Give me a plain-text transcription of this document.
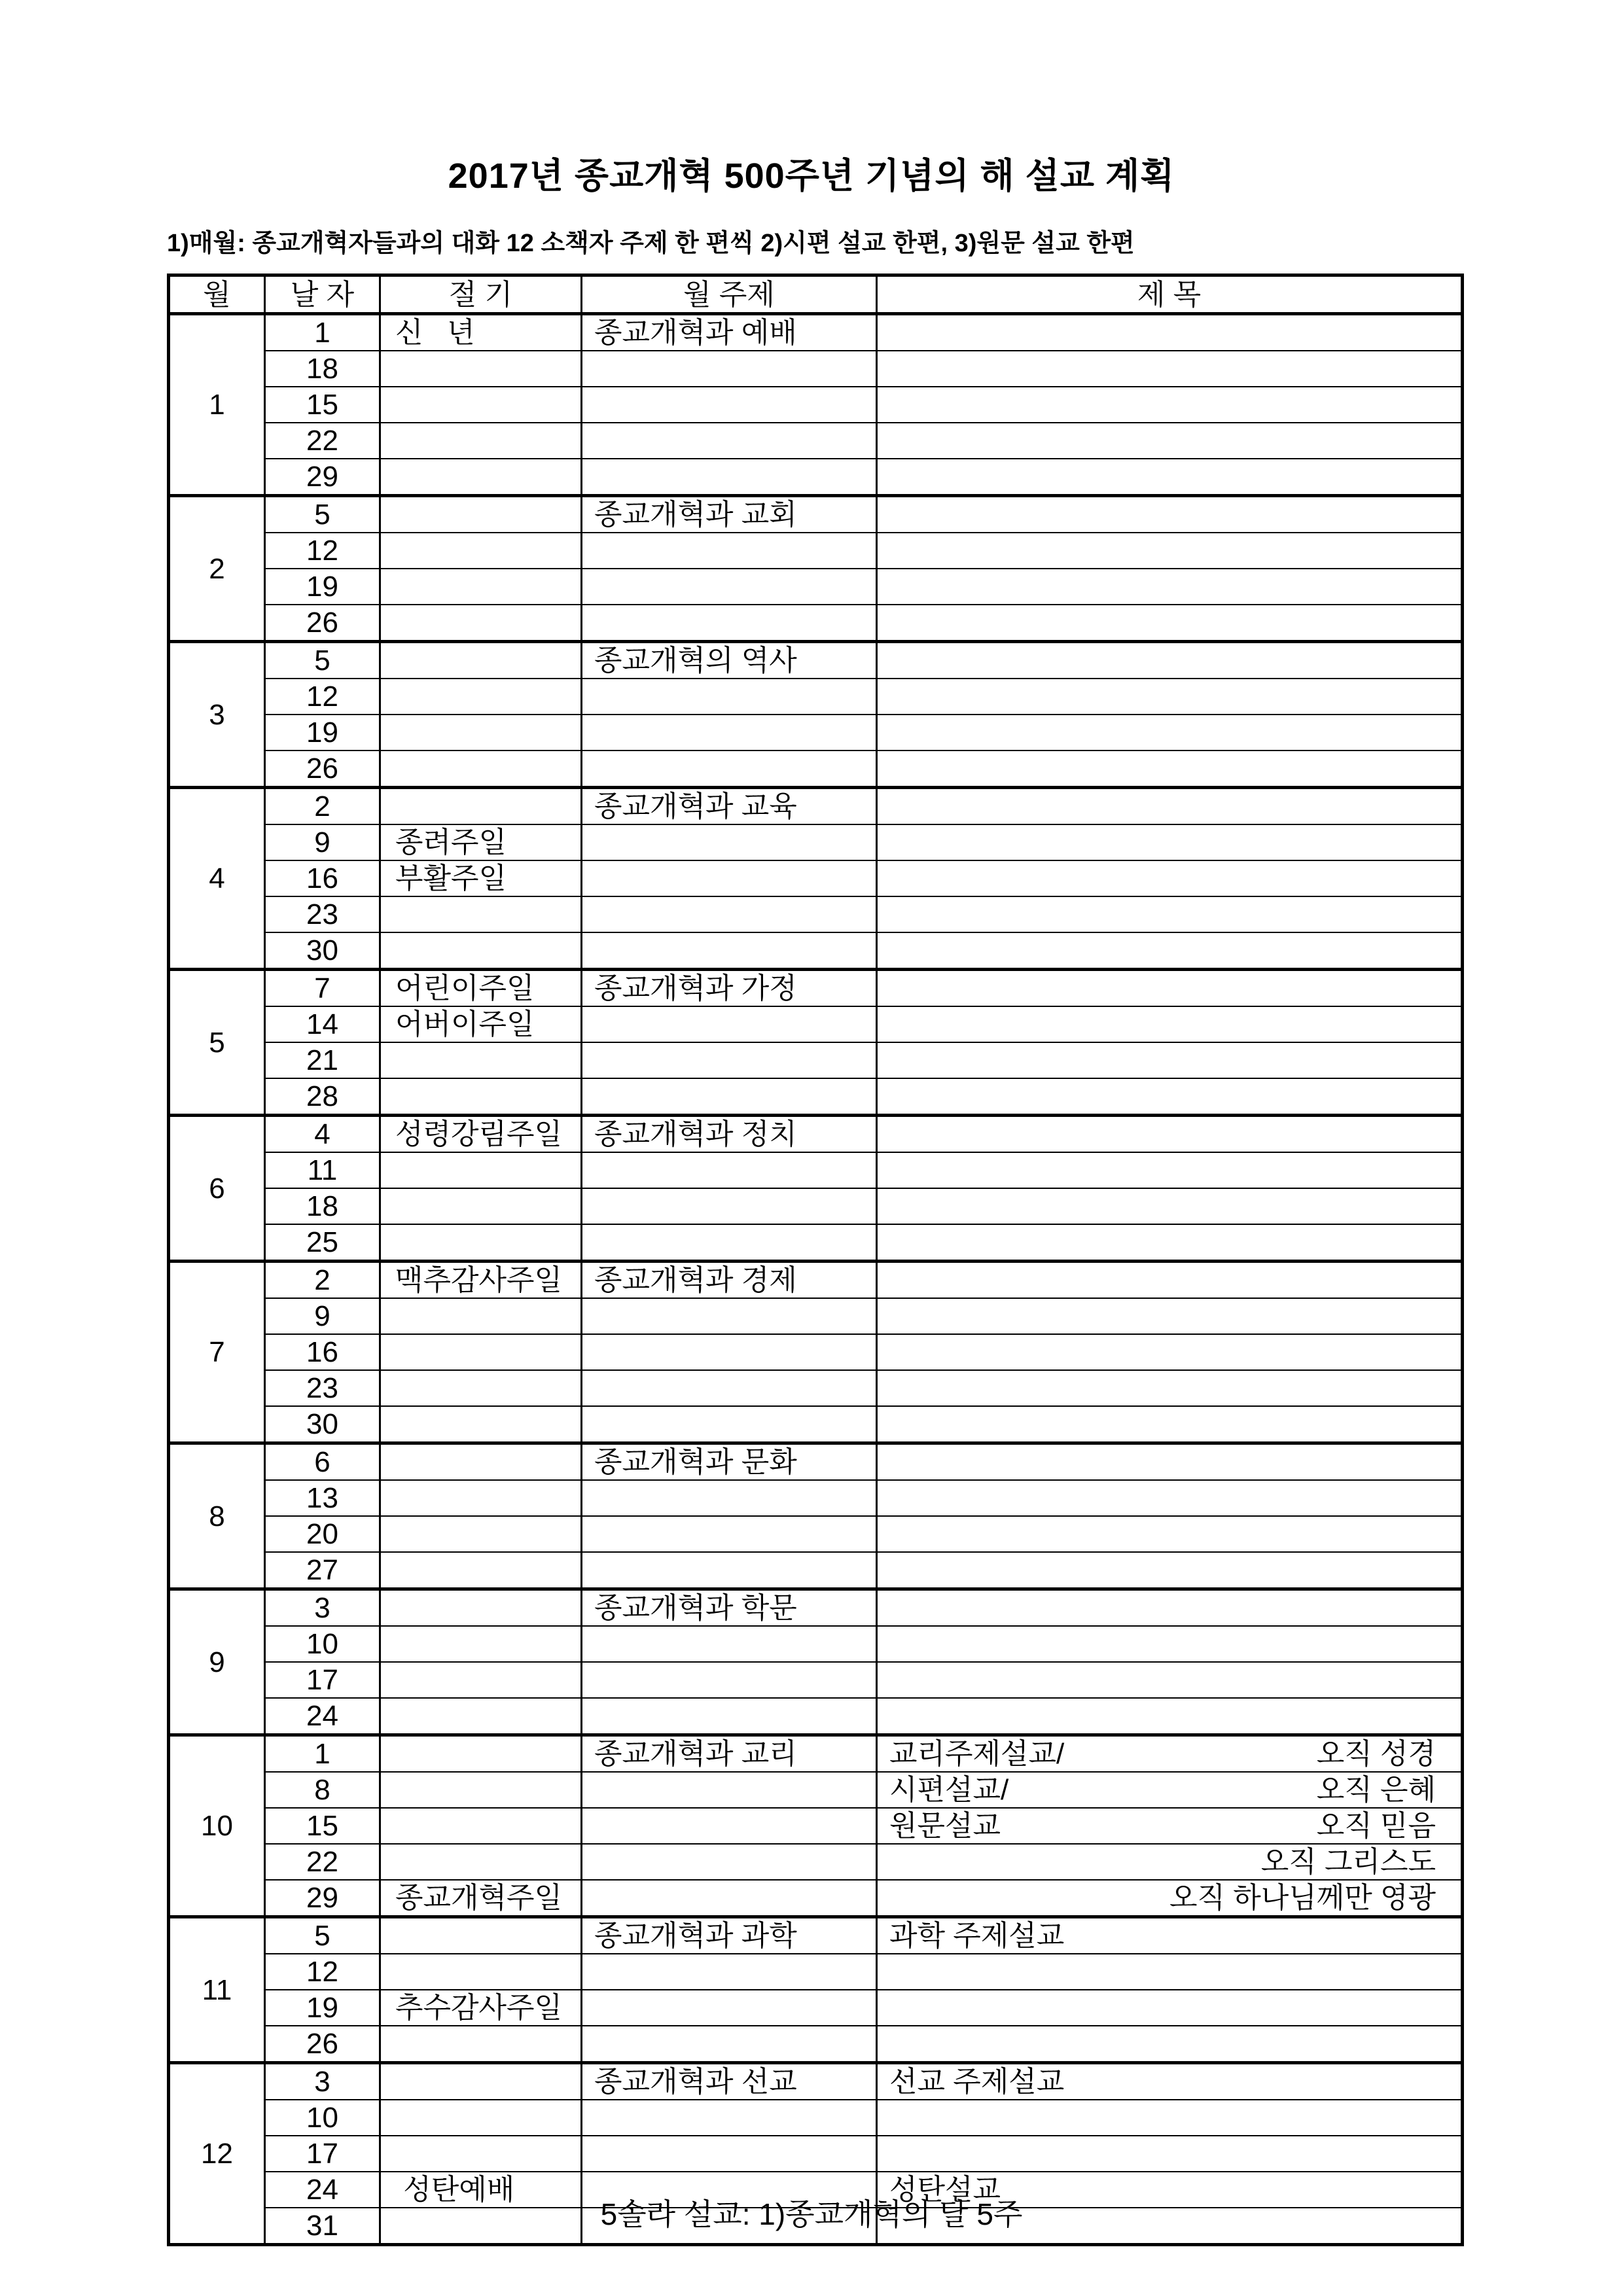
2017년 종교개혁 500주년 기념의 해 설교 계획
1)매월: 종교개혁자들과의 대화 12 소책자 주제 한 편씩 2)시편 설교 한편, 3)원문 설교 한편
월	날 자	절 기	월 주제	제 목
1	1	신   년	종교개혁과 예배	

	18			

	15			

	22			

	29			

2	5		종교개혁과 교회	

	12			

	19			

	26			

3	5		종교개혁의 역사	

	12			

	19			

	26			

4	2		종교개혁과 교육	

	9	종려주일		

	16	부활주일		

	23			

	30			

5	7	어린이주일	종교개혁과 가정	

	14	어버이주일		

	21			

	28			

6	4	성령강림주일	종교개혁과 정치	

	11			

	18			

	25			

7	2	맥추감사주일	종교개혁과 경제	

	9			

	16			

	23			

	30			

8	6		종교개혁과 문화	

	13			

	20			

	27			

9	3		종교개혁과 학문	

	10			

	17			

	24			

10	1		종교개혁과 교리	교리주제설교/ 오직 성경

	8			시편설교/ 오직 은혜

	15			원문설교 오직 믿음

	22			오직 그리스도

	29	종교개혁주일		오직 하나님께만 영광

11	5		종교개혁과 과학	과학 주제설교

	12			

	19	추수감사주일		

	26			

12	3		종교개혁과 선교	선교 주제설교

	10			

	17			

	24	성탄예배		성탄설교

	31				5솔라 설교: 1)종교개혁의 달 5주
